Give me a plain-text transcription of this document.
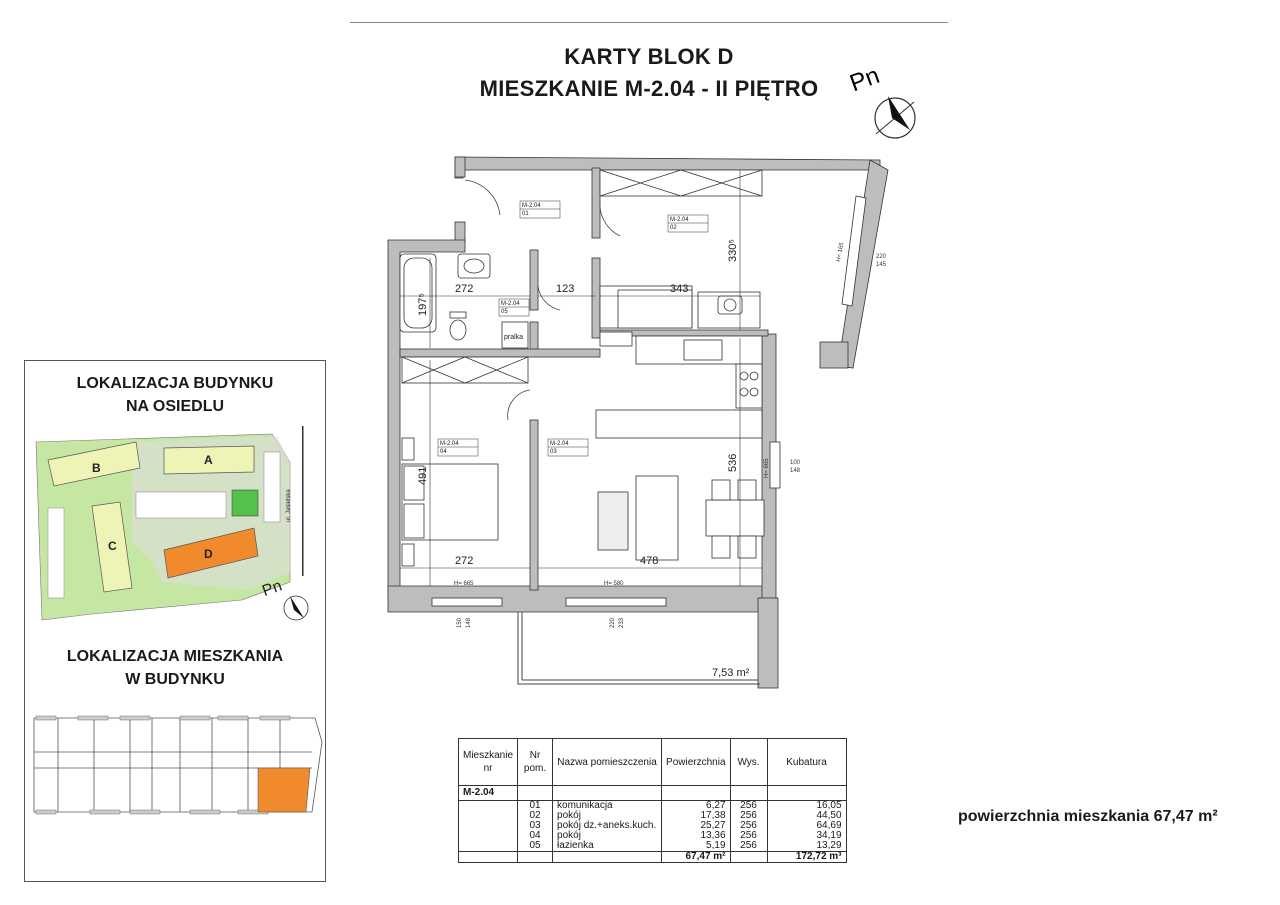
KARTY BLOK D
MIESZKANIE M-2.04 - II PIĘTRO	Pn
pralka
272	123	343
330⁵
197⁵
491
272	478
536
7,53 m²
H= 665	H= 580
100
148
H= 665
220
145
H= 165
150 148	220 233
M-2.04
01
M-2.04
02
M-2.04
03
M-2.04
04
M-2.04
05
LOKALIZACJA BUDYNKU
NA OSIEDLU
ul. Jasielska
B
A
C
D
Pn
LOKALIZACJA MIESZKANIA
W BUDYNKU
Mieszkanie nr	Nr pom.	Nazwa pomieszczenia	Powierzchnia	Wys.	Kubatura
M-2.04					
	01	komunikacja	6,27	256	16,05
	02	pokój	17,38	256	44,50
	03	pokój dz.+aneks.kuch.	25,27	256	64,69
	04	pokój	13,36	256	34,19
	05	łazienka	5,19	256	13,29
			67,47 m²		172,72 m³
powierzchnia mieszkania 67,47 m²
